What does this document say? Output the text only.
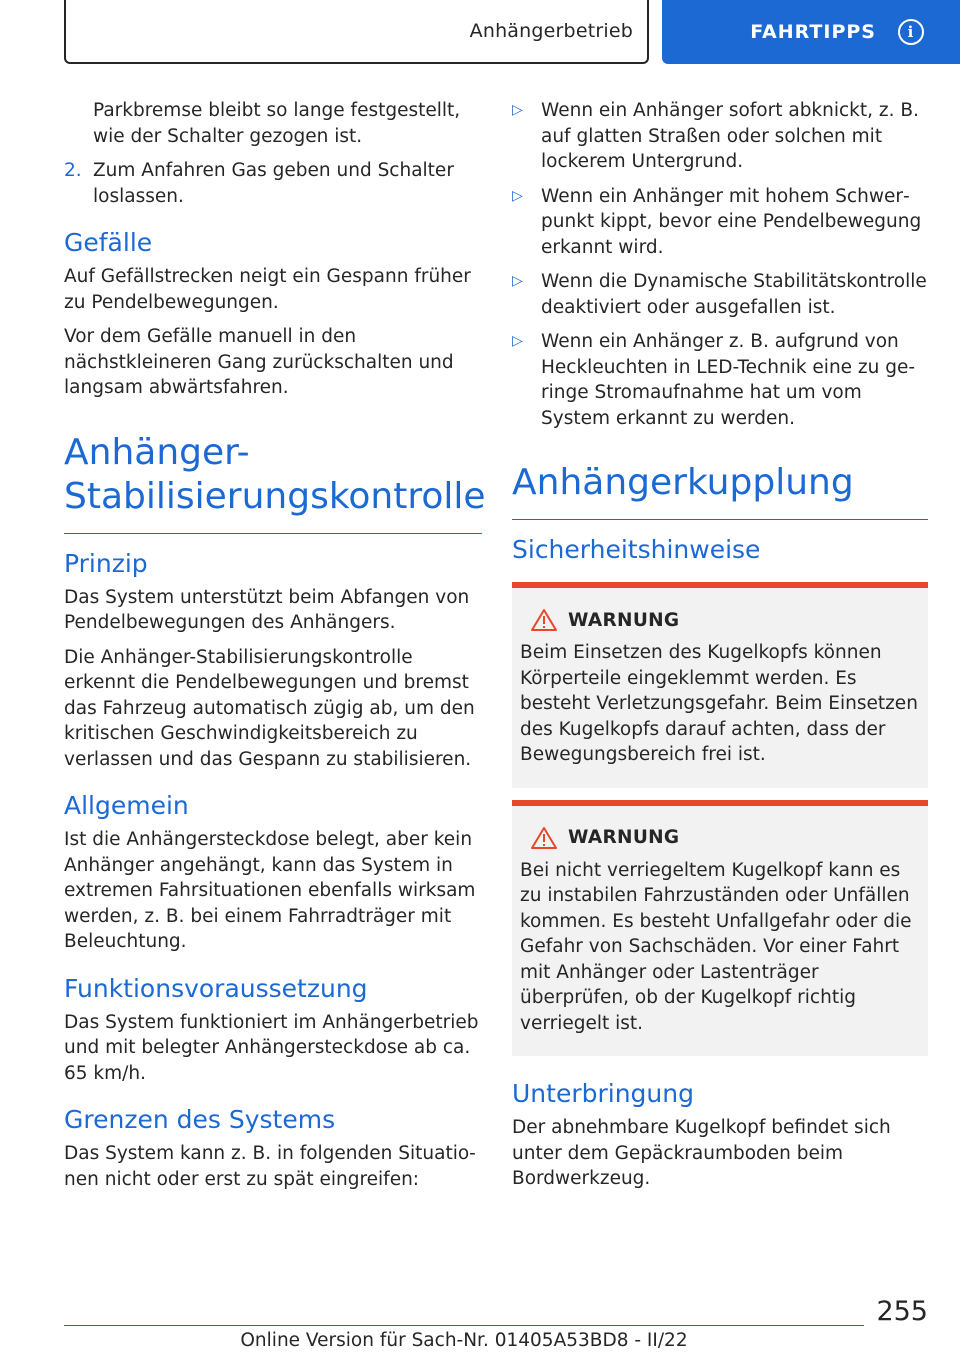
Anhängerbetrieb	FAHRTIPPS	i

Parkbremse bleibt so lange festgestellt, wie der Schalter gezogen ist.

2. Zum Anfahren Gas geben und Schalter loslassen.
Gefälle

Auf Gefällstrecken neigt ein Gespann früher zu Pendelbewegungen.

Vor dem Gefälle manuell in den nächstkleineren Gang zurückschalten und langsam abwärtsfahren.

Anhänger-
Stabilisierungskontrolle
Prinzip

Das System unterstützt beim Abfangen von Pendelbewegungen des Anhängers.

Die Anhänger-Stabilisierungskontrolle erkennt die Pendelbewegungen und bremst das Fahrzeug automatisch zügig ab, um den kritischen Geschwindigkeitsbereich zu verlassen und das Gespann zu stabilisieren.

Allgemein

Ist die Anhängersteckdose belegt, aber kein Anhänger angehängt, kann das System in extremen Fahrsituationen ebenfalls wirksam werden, z. B. bei einem Fahrradträger mit Beleuchtung.

Funktionsvoraussetzung

Das System funktioniert im Anhängerbetrieb und mit belegter Anhängersteckdose ab ca. 65 km/h.

Grenzen des Systems

Das System kann z. B. in folgenden Situationen nicht oder erst zu spät eingreifen:

▷ Wenn ein Anhänger sofort abknickt, z. B. auf glatten Straßen oder solchen mit lockerem Untergrund.
▷ Wenn ein Anhänger mit hohem Schwerpunkt kippt, bevor eine Pendelbewegung erkannt wird.
▷ Wenn die Dynamische Stabilitätskontrolle deaktiviert oder ausgefallen ist.
▷ Wenn ein Anhänger z. B. aufgrund von Heckleuchten in LED-Technik eine zu geringe Stromaufnahme hat um vom System erkannt zu werden.
Anhängerkupplung
Sicherheitshinweise
WARNUNG

Beim Einsetzen des Kugelkopfs können Körperteile eingeklemmt werden. Es besteht Verletzungsgefahr. Beim Einsetzen des Kugelkopfs darauf achten, dass der Bewegungsbereich frei ist.

WARNUNG

Bei nicht verriegeltem Kugelkopf kann es zu instabilen Fahrzuständen oder Unfällen kommen. Es besteht Unfallgefahr oder die Gefahr von Sachschäden. Vor einer Fahrt mit Anhänger oder Lastenträger überprüfen, ob der Kugelkopf richtig verriegelt ist.

Unterbringung

Der abnehmbare Kugelkopf befindet sich unter dem Gepäckraumboden beim Bordwerkzeug.

255
Online Version für Sach-Nr. 01405A53BD8 - II/22
